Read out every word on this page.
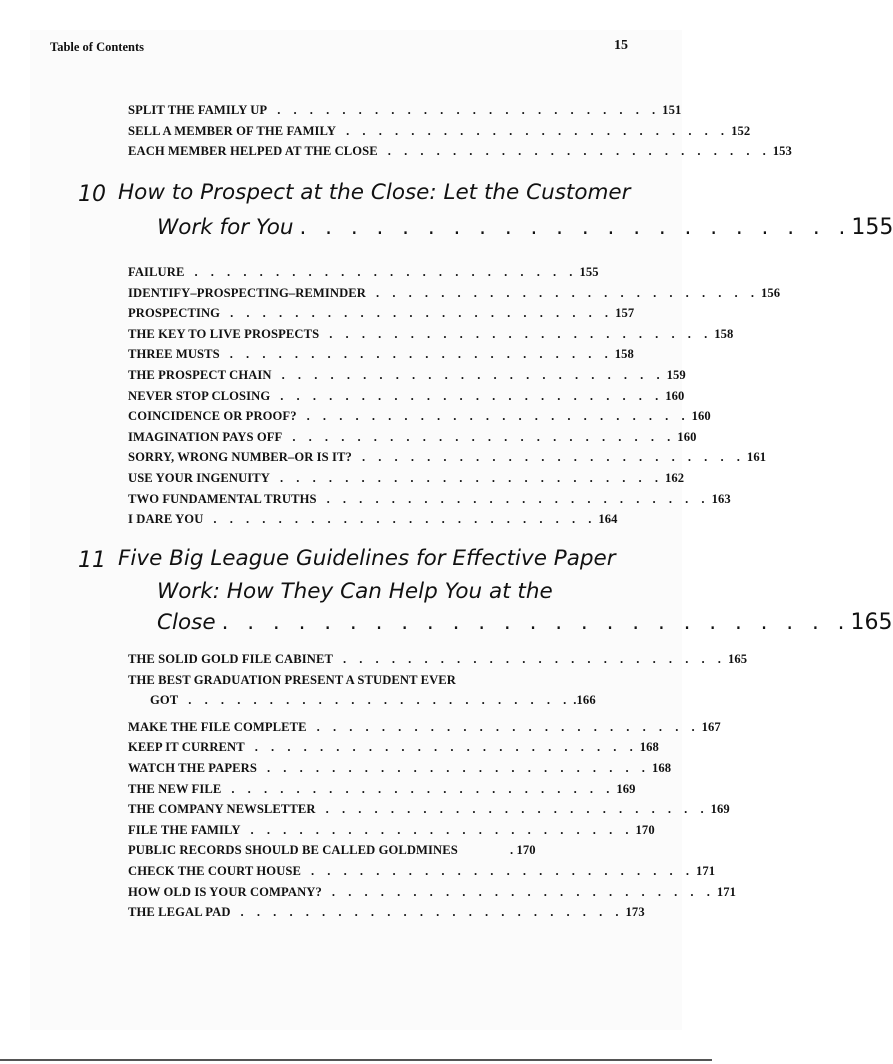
Table of Contents	15
SPLIT THE FAMILY UP . . . . . . . . . . . . . . . . . . . . . . . . 151
SELL A MEMBER OF THE FAMILY . . . . . . . . . . . . . . . . . . . . . . . . 152
EACH MEMBER HELPED AT THE CLOSE . . . . . . . . . . . . . . . . . . . . . . . . 153
10 How to Prospect at the Close: Let the Customer
Work for You . . . . . . . . . . . . . . . . . . . . . . 155
FAILURE . . . . . . . . . . . . . . . . . . . . . . . . 155
IDENTIFY–PROSPECTING–REMINDER . . . . . . . . . . . . . . . . . . . . . . . . 156
PROSPECTING . . . . . . . . . . . . . . . . . . . . . . . . 157
THE KEY TO LIVE PROSPECTS . . . . . . . . . . . . . . . . . . . . . . . . 158
THREE MUSTS . . . . . . . . . . . . . . . . . . . . . . . . 158
THE PROSPECT CHAIN . . . . . . . . . . . . . . . . . . . . . . . . 159
NEVER STOP CLOSING . . . . . . . . . . . . . . . . . . . . . . . . 160
COINCIDENCE OR PROOF? . . . . . . . . . . . . . . . . . . . . . . . . 160
IMAGINATION PAYS OFF . . . . . . . . . . . . . . . . . . . . . . . . 160
SORRY, WRONG NUMBER–OR IS IT? . . . . . . . . . . . . . . . . . . . . . . . . 161
USE YOUR INGENUITY . . . . . . . . . . . . . . . . . . . . . . . . 162
TWO FUNDAMENTAL TRUTHS . . . . . . . . . . . . . . . . . . . . . . . . 163
I DARE YOU . . . . . . . . . . . . . . . . . . . . . . . . 164
11 Five Big League Guidelines for Effective Paper
Work: How They Can Help You at the
Close . . . . . . . . . . . . . . . . . . . . . . . . . 165
THE SOLID GOLD FILE CABINET . . . . . . . . . . . . . . . . . . . . . . . . 165
THE BEST GRADUATION PRESENT A STUDENT EVER
GOT . . . . . . . . . . . . . . . . . . . . . . . . .166
MAKE THE FILE COMPLETE . . . . . . . . . . . . . . . . . . . . . . . . 167
KEEP IT CURRENT . . . . . . . . . . . . . . . . . . . . . . . . 168
WATCH THE PAPERS . . . . . . . . . . . . . . . . . . . . . . . . 168
THE NEW FILE . . . . . . . . . . . . . . . . . . . . . . . . 169
THE COMPANY NEWSLETTER . . . . . . . . . . . . . . . . . . . . . . . . 169
FILE THE FAMILY . . . . . . . . . . . . . . . . . . . . . . . . 170
PUBLIC RECORDS SHOULD BE CALLED GOLDMINES	. 170
CHECK THE COURT HOUSE . . . . . . . . . . . . . . . . . . . . . . . . 171
HOW OLD IS YOUR COMPANY? . . . . . . . . . . . . . . . . . . . . . . . . 171
THE LEGAL PAD . . . . . . . . . . . . . . . . . . . . . . . . 173
